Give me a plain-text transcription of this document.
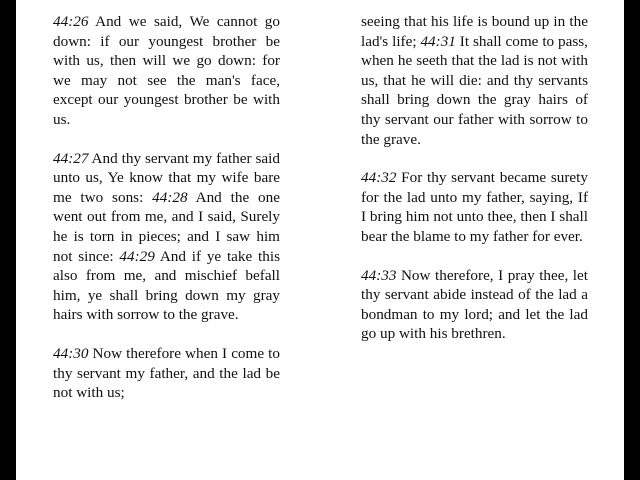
44:26 And we said, We cannot go down: if our youngest brother be with us, then will we go down: for we may not see the man's face, except our youngest brother be with us.

44:27 And thy servant my father said unto us, Ye know that my wife bare me two sons: 44:28 And the one went out from me, and I said, Surely he is torn in pieces; and I saw him not since: 44:29 And if ye take this also from me, and mischief befall him, ye shall bring down my gray hairs with sorrow to the grave.

44:30 Now therefore when I come to thy servant my father, and the lad be not with us;

seeing that his life is bound up in the lad's life; 44:31 It shall come to pass, when he seeth that the lad is not with us, that he will die: and thy servants shall bring down the gray hairs of thy servant our father with sorrow to the grave.

44:32 For thy servant became surety for the lad unto my father, saying, If I bring him not unto thee, then I shall bear the blame to my father for ever.

44:33 Now therefore, I pray thee, let thy servant abide instead of the lad a bondman to my lord; and let the lad go up with his brethren.
